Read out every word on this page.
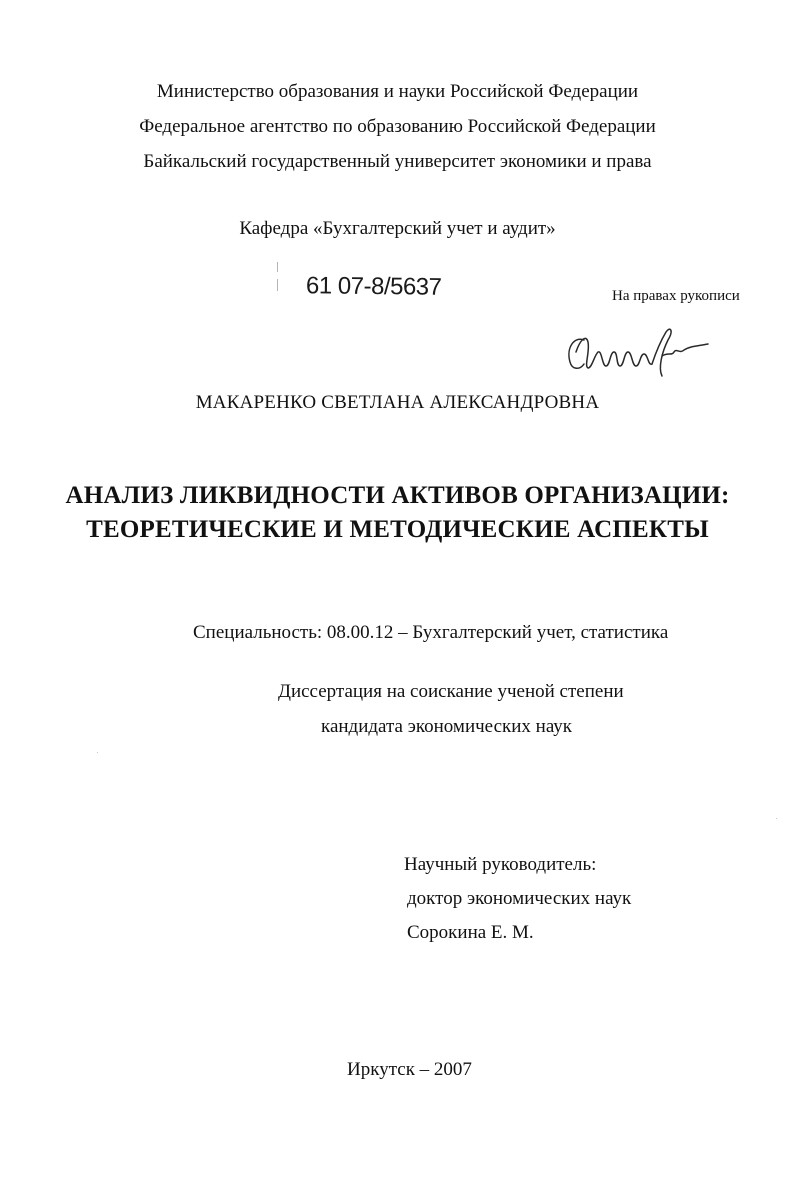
Министерство образования и науки Российской Федерации
Федеральное агентство по образованию Российской Федерации
Байкальский государственный университет экономики и права
Кафедра «Бухгалтерский учет и аудит»
61 07-8/5637	На правах рукописи
МАКАРЕНКО СВЕТЛАНА АЛЕКСАНДРОВНА
АНАЛИЗ ЛИКВИДНОСТИ АКТИВОВ ОРГАНИЗАЦИИ:
ТЕОРЕТИЧЕСКИЕ И МЕТОДИЧЕСКИЕ АСПЕКТЫ
Специальность: 08.00.12 – Бухгалтерский учет, статистика
Диссертация на соискание ученой степени
кандидата экономических наук
Научный руководитель:
доктор экономических наук
Сорокина Е. М.
Иркутск – 2007
